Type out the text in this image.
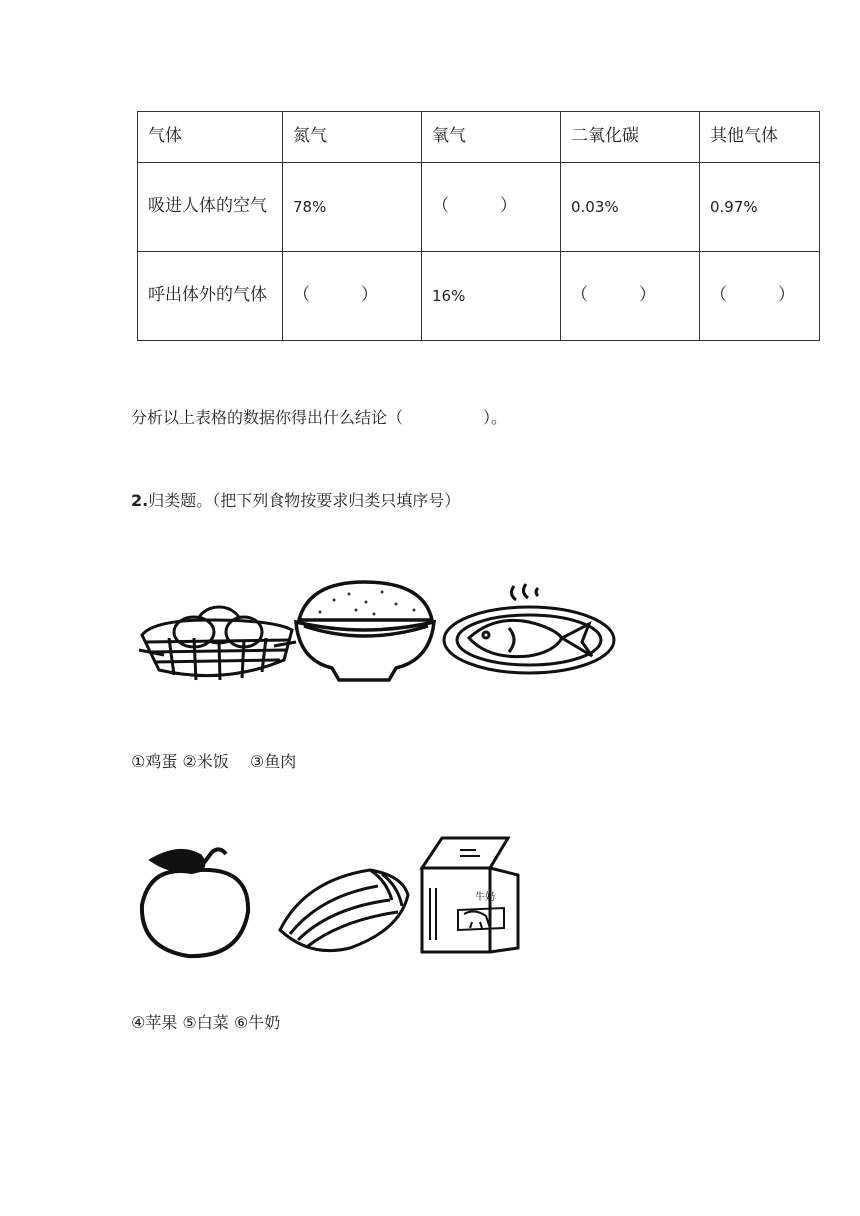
气体	氮气	氧气	二氧化碳	其他气体
吸进人体的空气	78%	（　　　）	0.03%	0.97%
呼出体外的气体	（　　　）	16%	（　　　）	（　　　）
分析以上表格的数据你得出什么结论（　　　　　）。
2.归类题。（把下列食物按要求归类只填序号）
①鸡蛋 ②米饭　 ③鱼肉
牛奶
④苹果 ⑤白菜 ⑥牛奶
